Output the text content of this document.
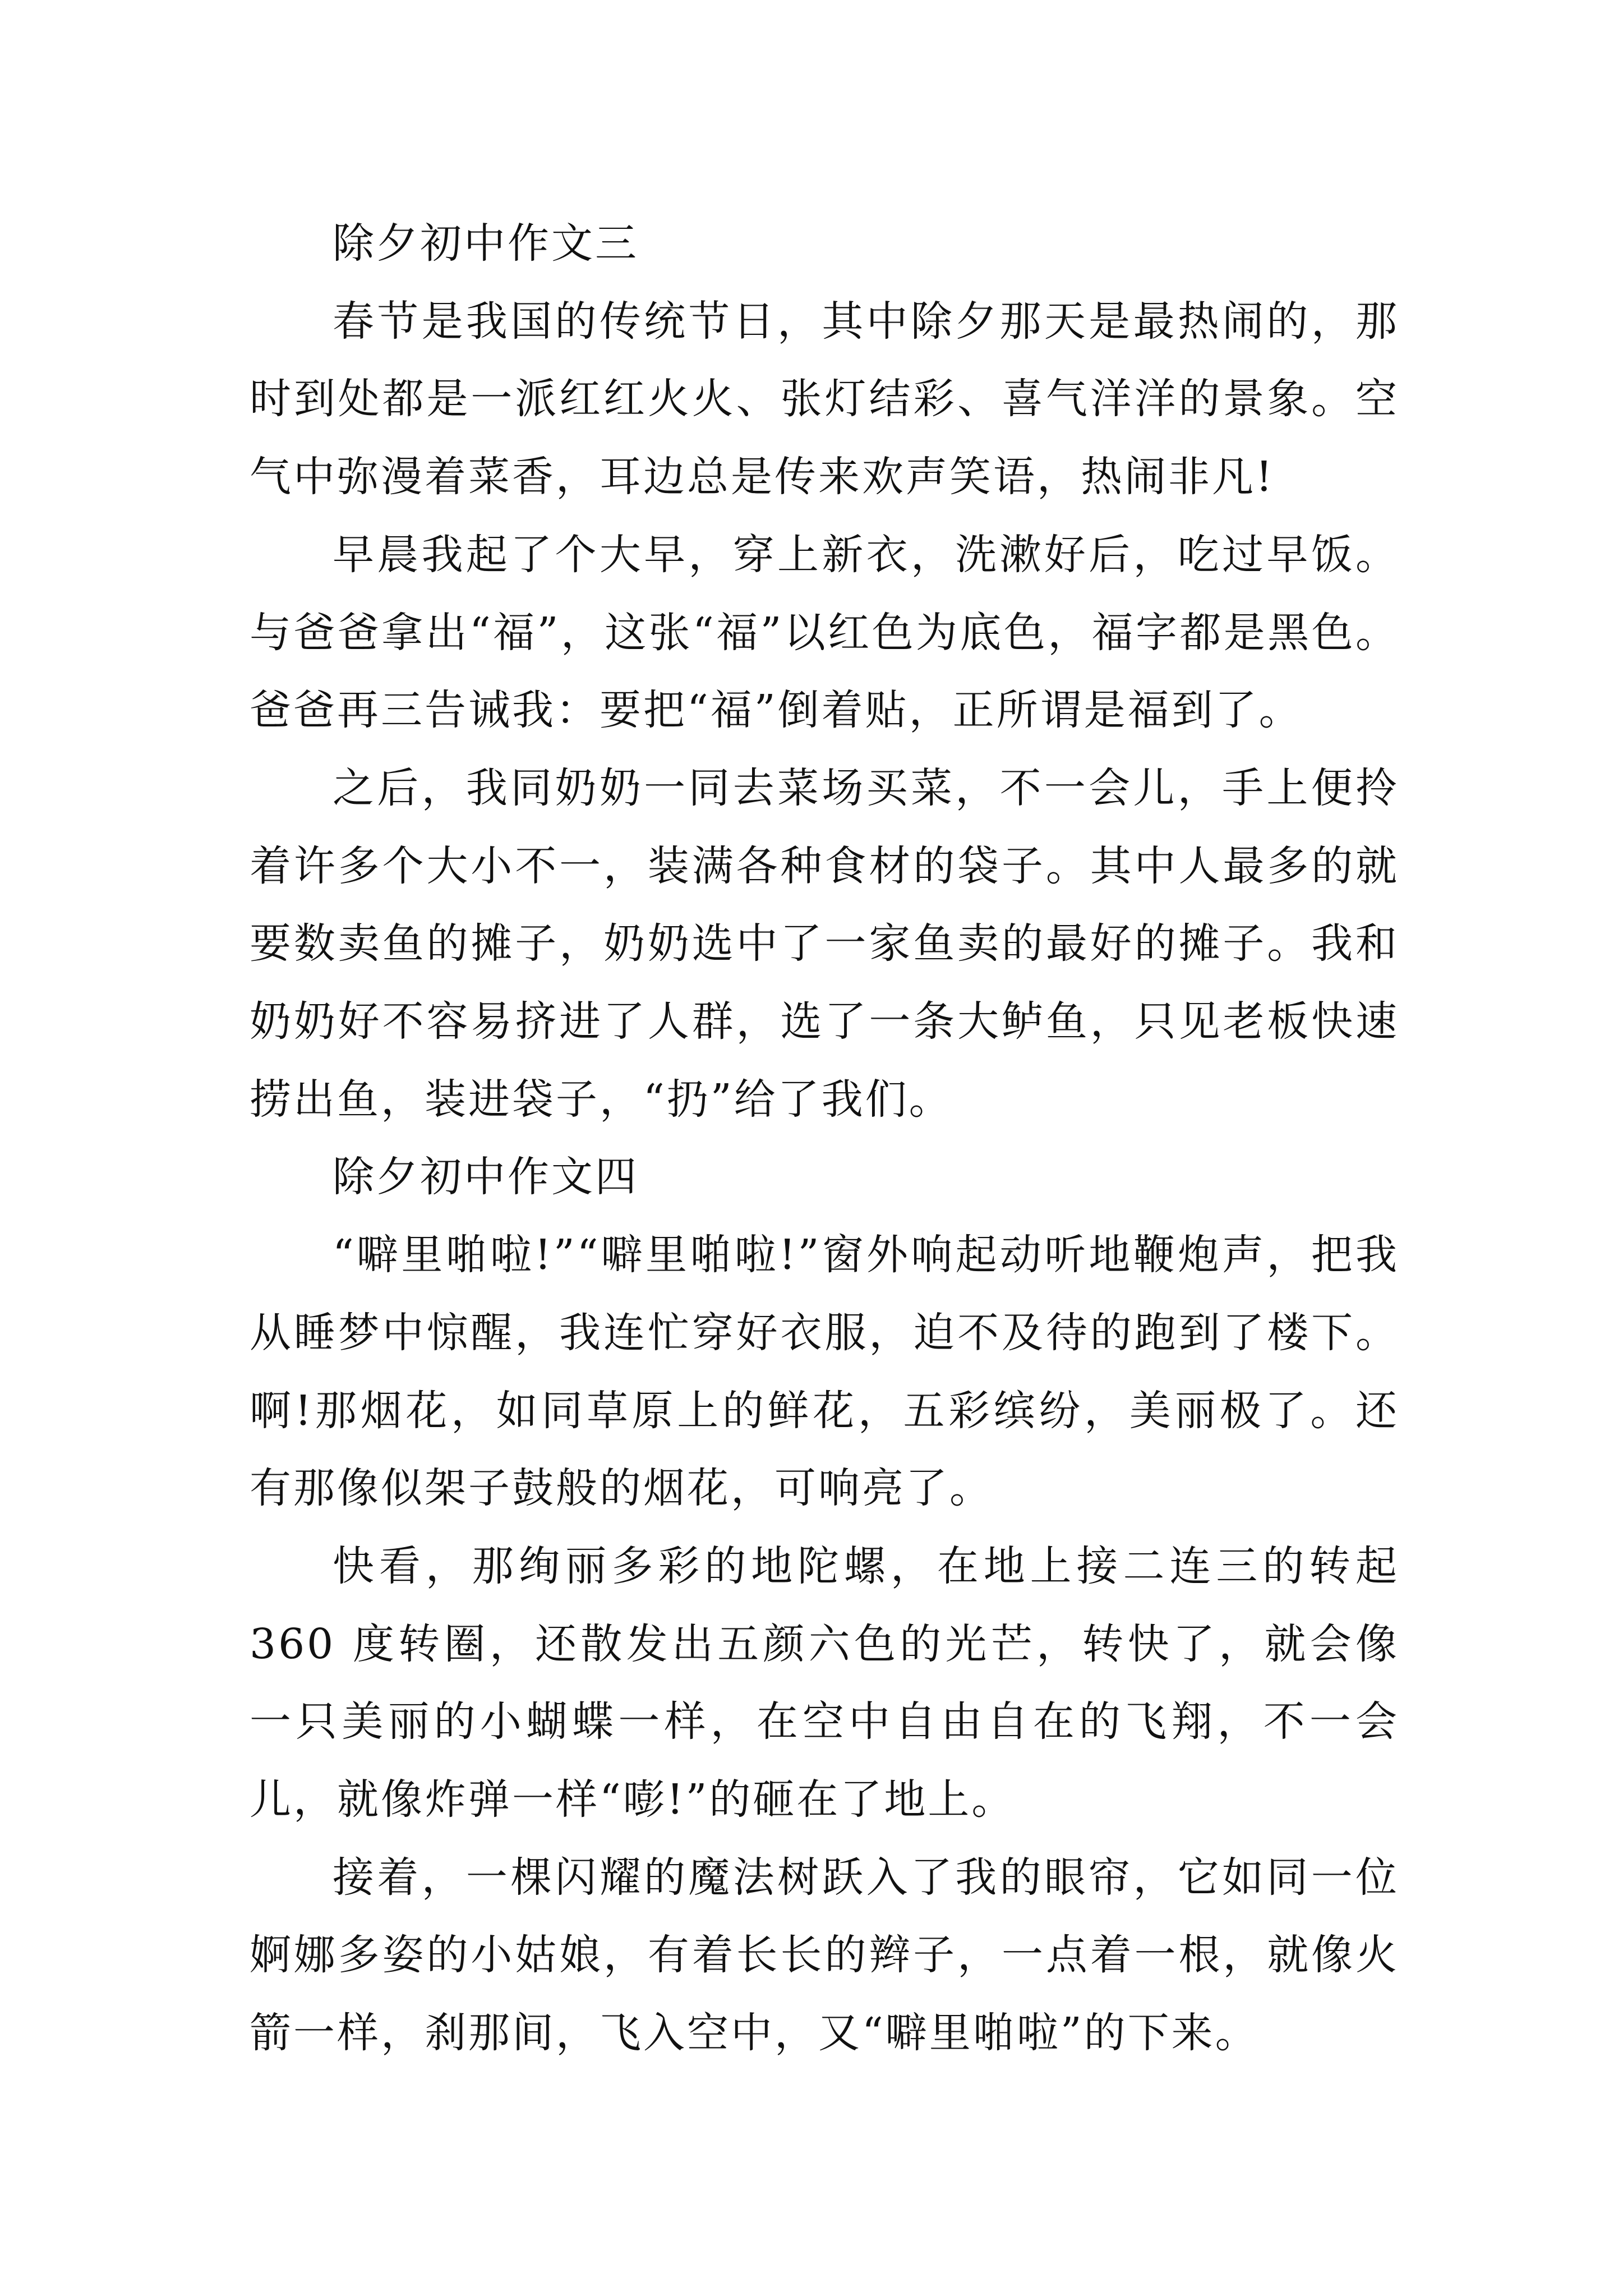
除夕初中作文三

春节是我国的传统节日，其中除夕那天是最热闹的，那时到处都是一派红红火火、张灯结彩、喜气洋洋的景象。空气中弥漫着菜香，耳边总是传来欢声笑语，热闹非凡!

早晨我起了个大早，穿上新衣，洗漱好后，吃过早饭。与爸爸拿出“福”，这张“福”以红色为底色，福字都是黑色。爸爸再三告诫我：要把“福”倒着贴，正所谓是福到了。

之后，我同奶奶一同去菜场买菜，不一会儿，手上便拎着许多个大小不一，装满各种食材的袋子。其中人最多的就要数卖鱼的摊子，奶奶选中了一家鱼卖的最好的摊子。我和奶奶好不容易挤进了人群，选了一条大鲈鱼，只见老板快速捞出鱼，装进袋子，“扔”给了我们。

除夕初中作文四

“噼里啪啦!”“噼里啪啦!”窗外响起动听地鞭炮声，把我从睡梦中惊醒，我连忙穿好衣服，迫不及待的跑到了楼下。啊!那烟花，如同草原上的鲜花，五彩缤纷，美丽极了。还有那像似架子鼓般的烟花，可响亮了。

快看，那绚丽多彩的地陀螺，在地上接二连三的转起 360 度转圈，还散发出五颜六色的光芒，转快了，就会像一只美丽的小蝴蝶一样，在空中自由自在的飞翔，不一会儿，就像炸弹一样“嘭!”的砸在了地上。

接着，一棵闪耀的魔法树跃入了我的眼帘，它如同一位婀娜多姿的小姑娘，有着长长的辫子，一点着一根，就像火箭一样，刹那间，飞入空中，又“噼里啪啦”的下来。
